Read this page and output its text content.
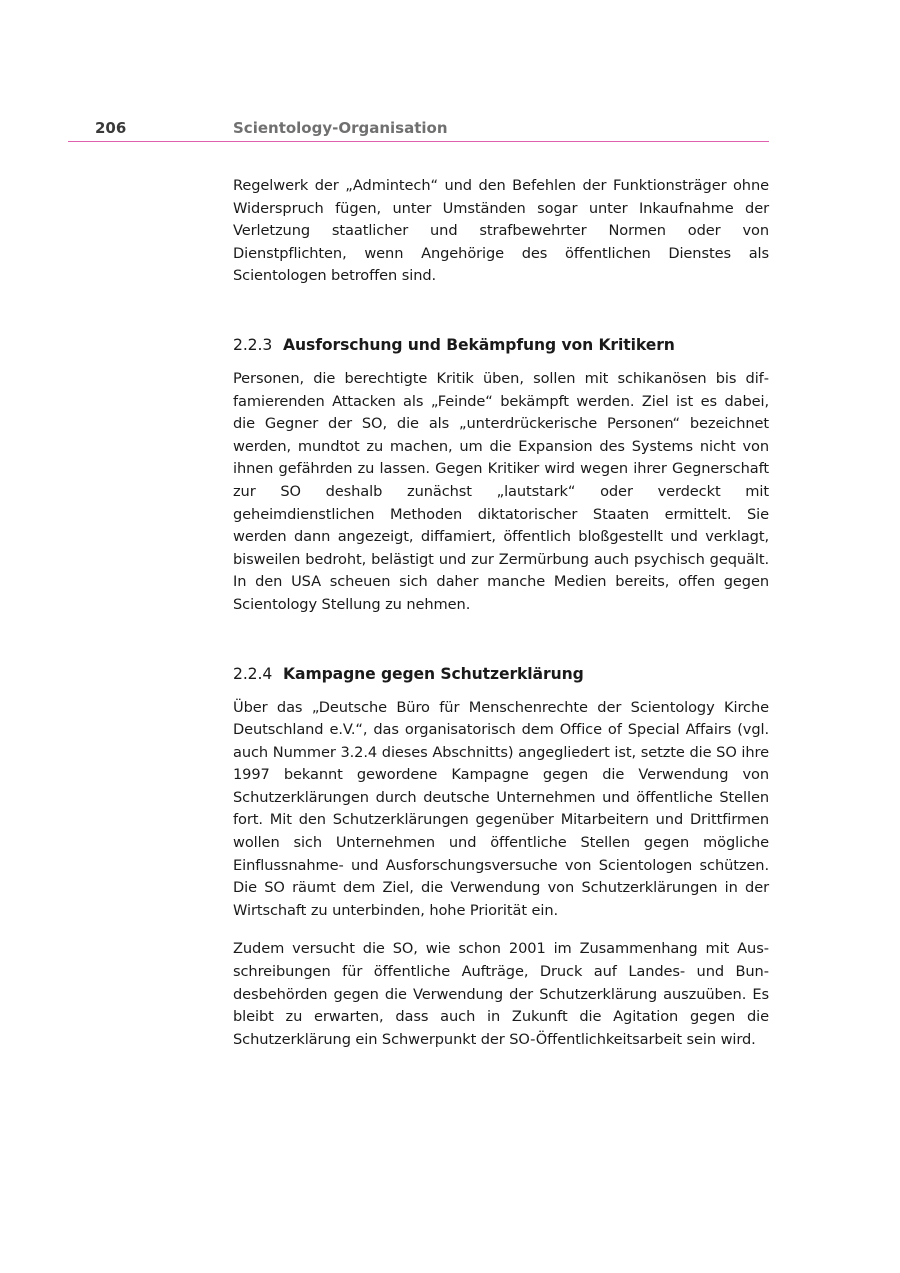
206	Scientology-Organisation

Regelwerk der „Admintech“ und den Befehlen der Funktionsträger ohne Widerspruch fügen, unter Umständen sogar unter Inkaufnahme der Verletzung staatlicher und strafbewehrter Normen oder von Dienstpflichten, wenn Angehörige des öffentlichen Dienstes als Scientologen betroffen sind.

2.2.3 Ausforschung und Bekämpfung von Kritikern

Personen, die berechtigte Kritik üben, sollen mit schikanösen bis diffamierenden Attacken als „Feinde“ bekämpft werden. Ziel ist es dabei, die Gegner der SO, die als „unterdrückerische Personen“ bezeichnet werden, mundtot zu machen, um die Expansion des Systems nicht von ihnen gefährden zu lassen. Gegen Kritiker wird wegen ihrer Gegnerschaft zur SO deshalb zunächst „lautstark“ oder verdeckt mit geheimdienstlichen Methoden diktatorischer Staaten ermittelt. Sie werden dann angezeigt, diffamiert, öffentlich bloßgestellt und verklagt, bisweilen bedroht, belästigt und zur Zermürbung auch psychisch gequält. In den USA scheuen sich daher manche Medien bereits, offen gegen Scientology Stellung zu nehmen.

2.2.4 Kampagne gegen Schutzerklärung

Über das „Deutsche Büro für Menschenrechte der Scientology Kirche Deutschland e.V.“, das organisatorisch dem Office of Special Affairs (vgl. auch Nummer 3.2.4 dieses Abschnitts) angegliedert ist, setzte die SO ihre 1997 bekannt gewordene Kampagne gegen die Verwendung von Schutzerklärungen durch deutsche Unternehmen und öffentliche Stellen fort. Mit den Schutzerklärungen gegenüber Mitarbeitern und Drittfirmen wollen sich Unternehmen und öffentliche Stellen gegen mögliche Einflussnahme- und Ausforschungsversuche von Scientologen schützen. Die SO räumt dem Ziel, die Verwendung von Schutzerklärungen in der Wirtschaft zu unterbinden, hohe Priorität ein.

Zudem versucht die SO, wie schon 2001 im Zusammenhang mit Ausschreibungen für öffentliche Aufträge, Druck auf Landes- und Bundesbehörden gegen die Verwendung der Schutzerklärung auszuüben. Es bleibt zu erwarten, dass auch in Zukunft die Agitation gegen die Schutzerklärung ein Schwerpunkt der SO-Öffentlichkeitsarbeit sein wird.
